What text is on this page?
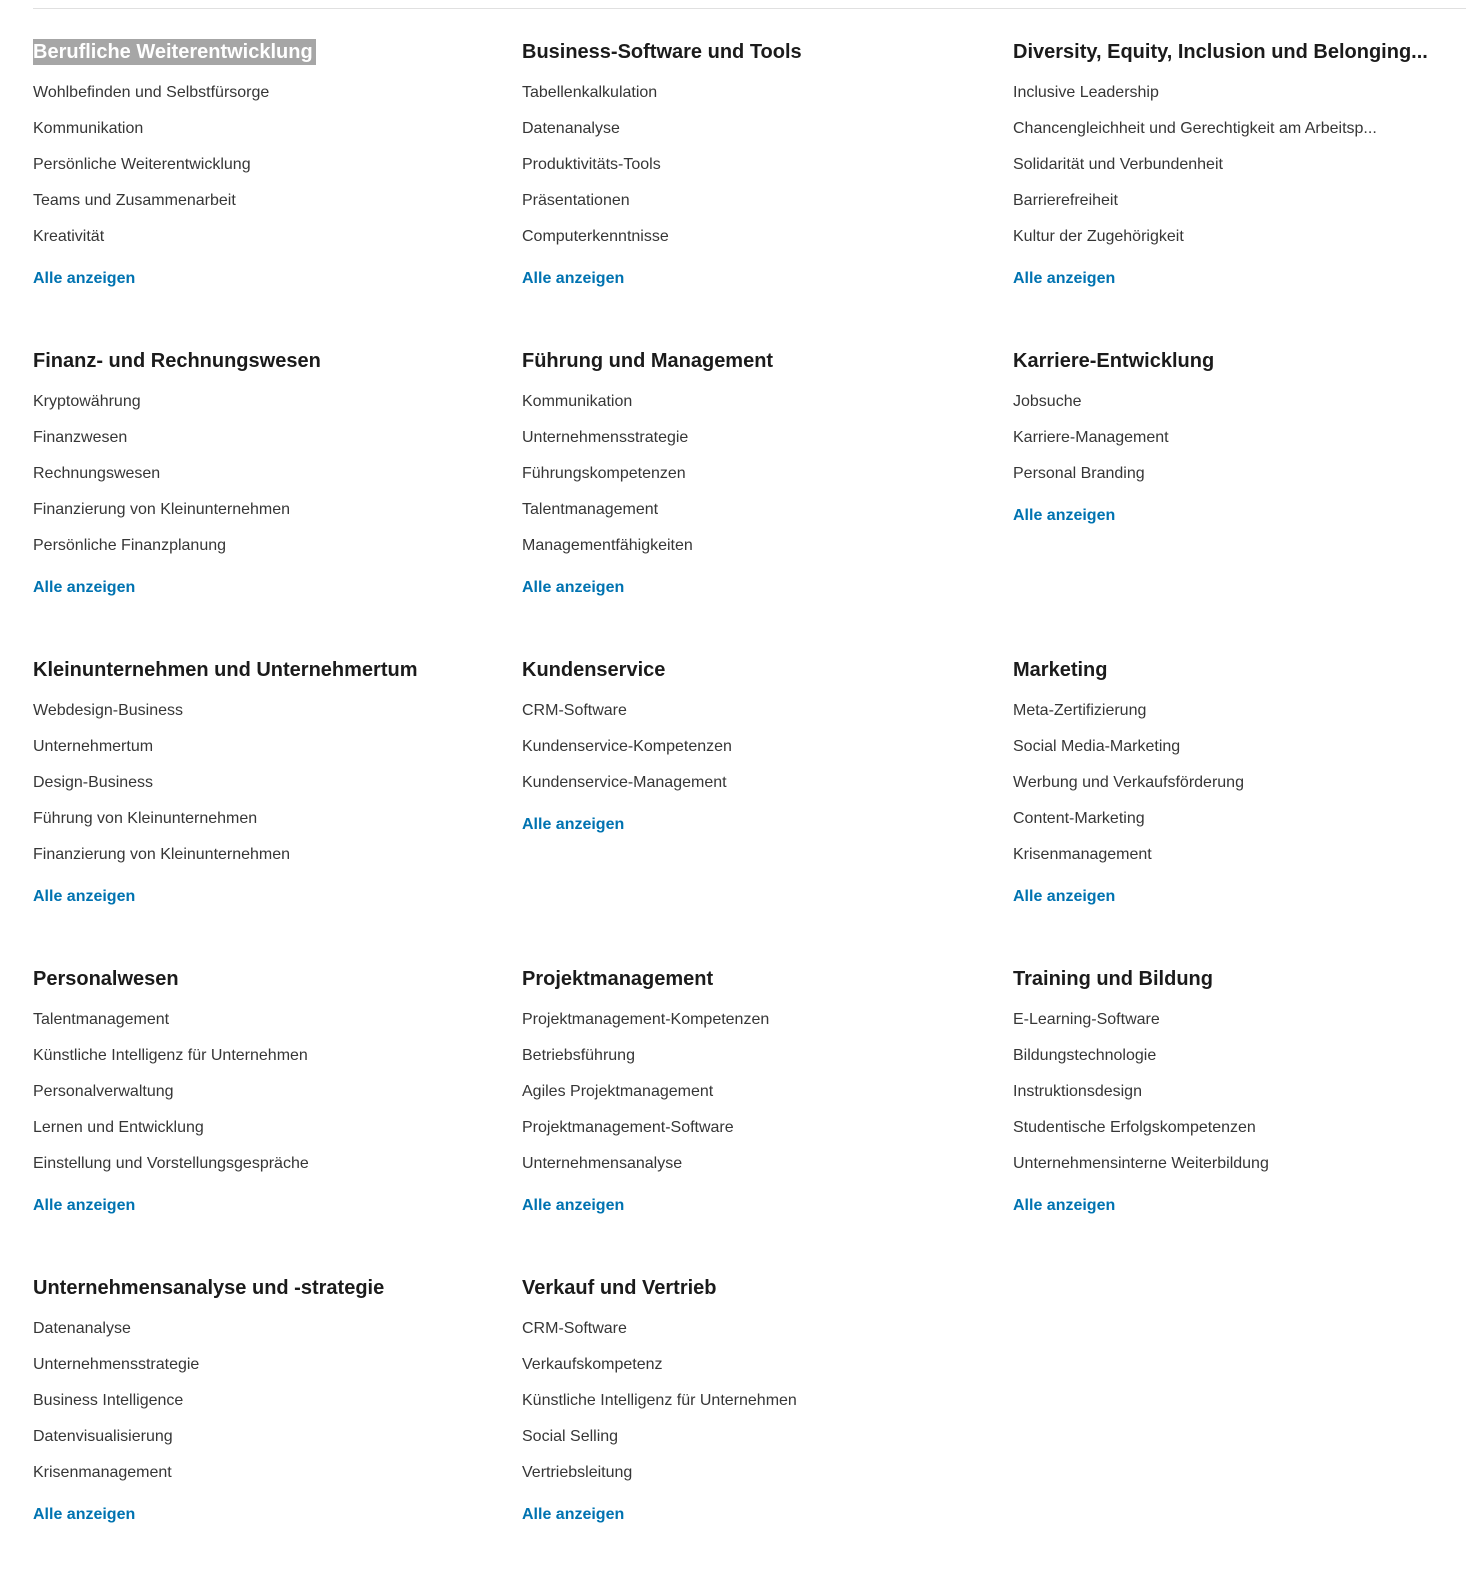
Berufliche Weiterentwicklung
Wohlbefinden und Selbstfürsorge
Kommunikation
Persönliche Weiterentwicklung
Teams und Zusammenarbeit
Kreativität
Alle anzeigen
Business-Software und Tools
Tabellenkalkulation
Datenanalyse
Produktivitäts-Tools
Präsentationen
Computerkenntnisse
Alle anzeigen
Diversity, Equity, Inclusion und Belonging...
Inclusive Leadership
Chancengleichheit und Gerechtigkeit am Arbeitsp...
Solidarität und Verbundenheit
Barrierefreiheit
Kultur der Zugehörigkeit
Alle anzeigen
Finanz- und Rechnungswesen
Kryptowährung
Finanzwesen
Rechnungswesen
Finanzierung von Kleinunternehmen
Persönliche Finanzplanung
Alle anzeigen
Führung und Management
Kommunikation
Unternehmensstrategie
Führungskompetenzen
Talentmanagement
Managementfähigkeiten
Alle anzeigen
Karriere-Entwicklung
Jobsuche
Karriere-Management
Personal Branding
Alle anzeigen
Kleinunternehmen und Unternehmertum
Webdesign-Business
Unternehmertum
Design-Business
Führung von Kleinunternehmen
Finanzierung von Kleinunternehmen
Alle anzeigen
Kundenservice
CRM-Software
Kundenservice-Kompetenzen
Kundenservice-Management
Alle anzeigen
Marketing
Meta-Zertifizierung
Social Media-Marketing
Werbung und Verkaufsförderung
Content-Marketing
Krisenmanagement
Alle anzeigen
Personalwesen
Talentmanagement
Künstliche Intelligenz für Unternehmen
Personalverwaltung
Lernen und Entwicklung
Einstellung und Vorstellungsgespräche
Alle anzeigen
Projektmanagement
Projektmanagement-Kompetenzen
Betriebsführung
Agiles Projektmanagement
Projektmanagement-Software
Unternehmensanalyse
Alle anzeigen
Training und Bildung
E-Learning-Software
Bildungstechnologie
Instruktionsdesign
Studentische Erfolgskompetenzen
Unternehmensinterne Weiterbildung
Alle anzeigen
Unternehmensanalyse und -strategie
Datenanalyse
Unternehmensstrategie
Business Intelligence
Datenvisualisierung
Krisenmanagement
Alle anzeigen
Verkauf und Vertrieb
CRM-Software
Verkaufskompetenz
Künstliche Intelligenz für Unternehmen
Social Selling
Vertriebsleitung
Alle anzeigen
